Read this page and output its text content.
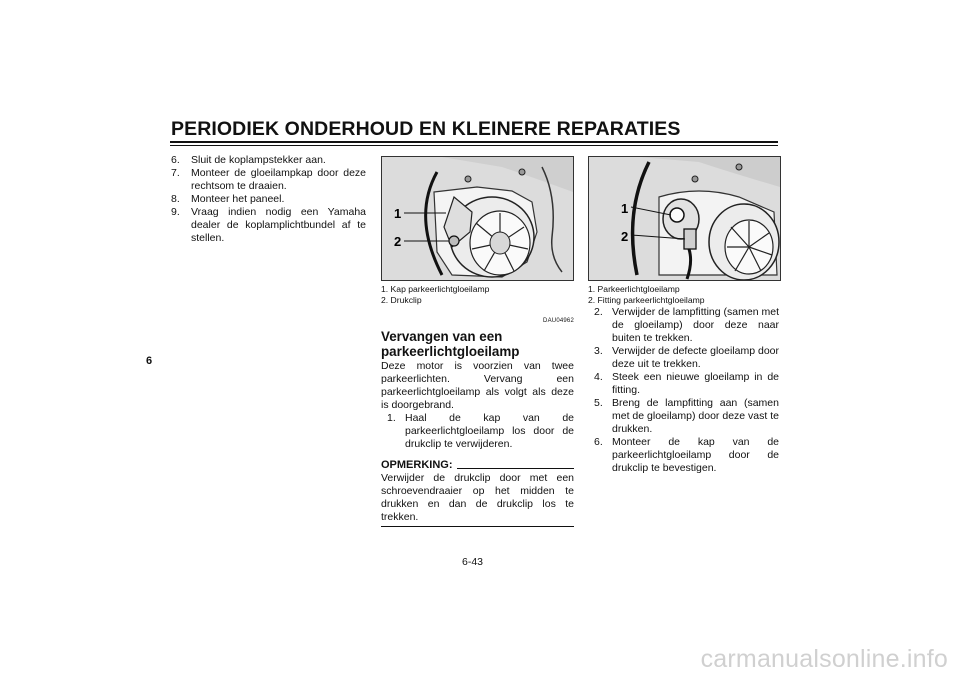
PERIODIEK ONDERHOUD EN KLEINERE REPARATIES
6
6. Sluit de koplampstekker aan.
7. Monteer de gloeilampkap door deze rechtsom te draaien.
8. Monteer het paneel.
9. Vraag indien nodig een Yamaha dealer de koplamplichtbundel af te stellen.
1
2
1. Kap parkeerlichtgloeilamp
2. Drukclip
DAU04962
Vervangen van een parkeerlichtgloeilamp
Deze motor is voorzien van twee parkeerlichten. Vervang een parkeerlichtgloeilamp als volgt als deze is doorgebrand.
1. Haal de kap van de parkeerlichtgloeilamp los door de drukclip te verwijderen.
OPMERKING:
Verwijder de drukclip door met een schroevendraaier op het midden te drukken en dan de drukclip los te trekken.
1
2
1. Parkeerlichtgloeilamp
2. Fitting parkeerlichtgloeilamp
2. Verwijder de lampfitting (samen met de gloeilamp) door deze naar buiten te trekken.
3. Verwijder de defecte gloeilamp door deze uit te trekken.
4. Steek een nieuwe gloeilamp in de fitting.
5. Breng de lampfitting aan (samen met de gloeilamp) door deze vast te drukken.
6. Monteer de kap van de parkeerlichtgloeilamp door de drukclip te bevestigen.
6-43
carmanualsonline.info
